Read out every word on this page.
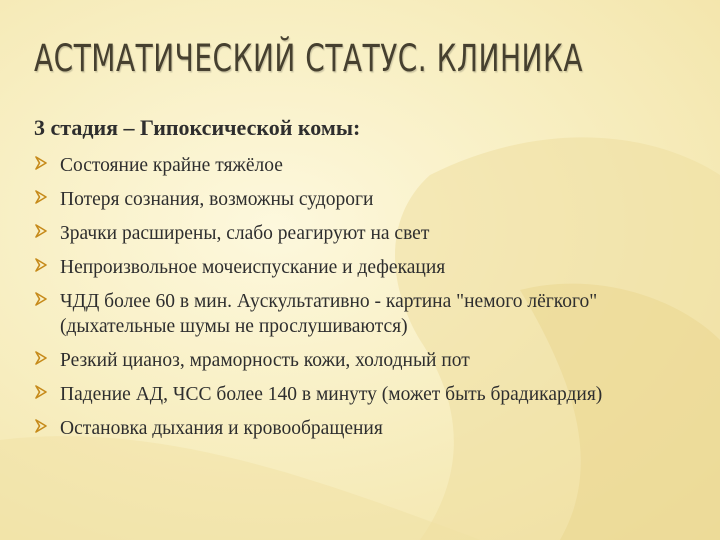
АСТМАТИЧЕСКИЙ СТАТУС. КЛИНИКА

3 стадия – Гипоксической комы:

Состояние крайне тяжёлое
Потеря сознания, возможны судороги
Зрачки расширены, слабо реагируют на свет
Непроизвольное мочеиспускание и дефекация
ЧДД более 60 в мин. Аускультативно - картина "немого лёгкого" (дыхательные шумы не прослушиваются)
Резкий цианоз, мраморность кожи, холодный пот
Падение АД, ЧСС более 140 в минуту (может быть брадикардия)
Остановка дыхания и кровообращения
